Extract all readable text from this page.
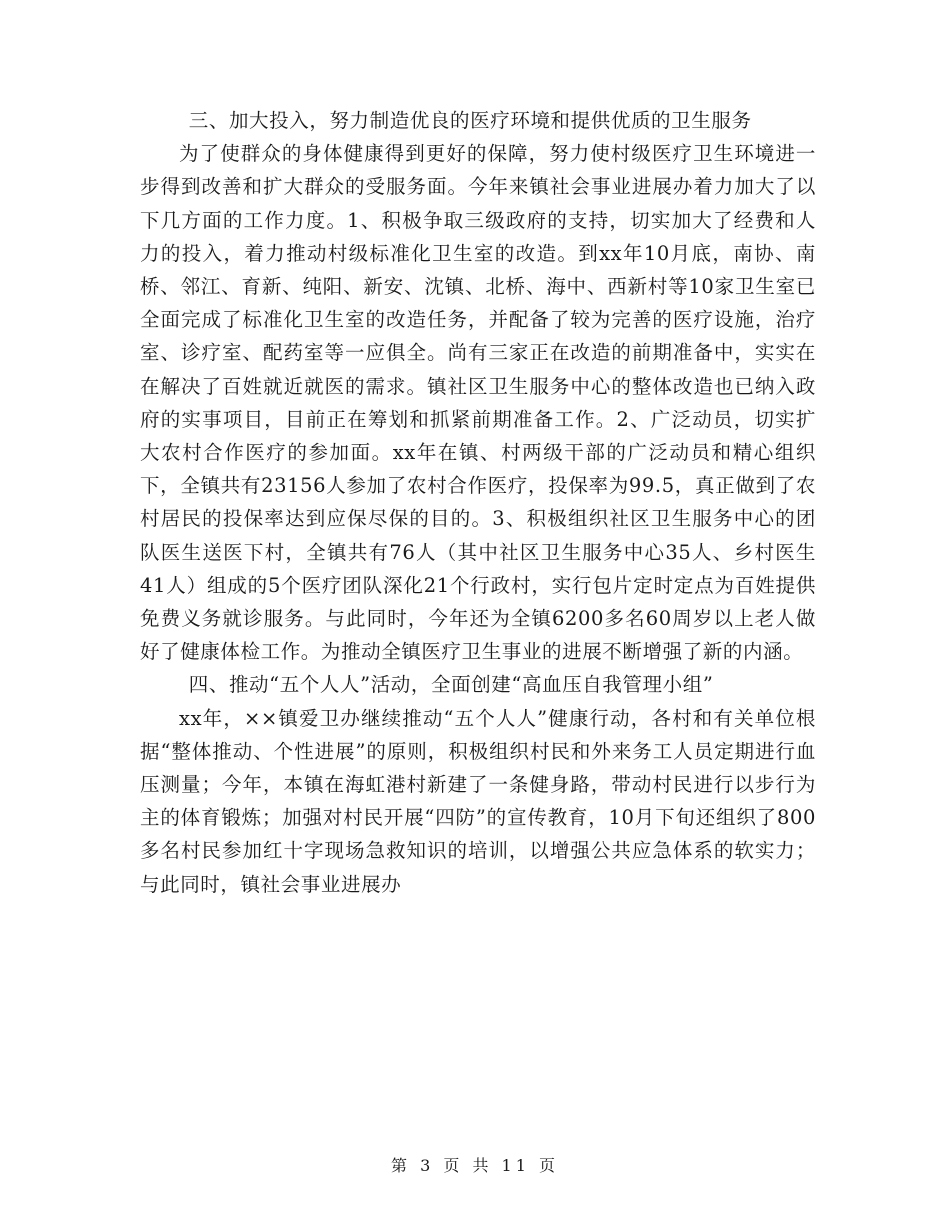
三、加大投入，努力制造优良的医疗环境和提供优质的卫生服务

为了使群众的身体健康得到更好的保障，努力使村级医疗卫生环境进一步得到改善和扩大群众的受服务面。今年来镇社会事业进展办着力加大了以下几方面的工作力度。1、积极争取三级政府的支持，切实加大了经费和人力的投入，着力推动村级标准化卫生室的改造。到xx年10月底，南协、南桥、邻江、育新、纯阳、新安、沈镇、北桥、海中、西新村等10家卫生室已全面完成了标准化卫生室的改造任务，并配备了较为完善的医疗设施，治疗室、诊疗室、配药室等一应俱全。尚有三家正在改造的前期准备中，实实在在解决了百姓就近就医的需求。镇社区卫生服务中心的整体改造也已纳入政府的实事项目，目前正在筹划和抓紧前期准备工作。2、广泛动员，切实扩大农村合作医疗的参加面。xx年在镇、村两级干部的广泛动员和精心组织下，全镇共有23156人参加了农村合作医疗，投保率为99.5，真正做到了农村居民的投保率达到应保尽保的目的。3、积极组织社区卫生服务中心的团队医生送医下村，全镇共有76人（其中社区卫生服务中心35人、乡村医生41人）组成的5个医疗团队深化21个行政村，实行包片定时定点为百姓提供免费义务就诊服务。与此同时，今年还为全镇6200多名60周岁以上老人做好了健康体检工作。为推动全镇医疗卫生事业的进展不断增强了新的内涵。

四、推动“五个人人”活动，全面创建“高血压自我管理小组”

xx年，××镇爱卫办继续推动“五个人人”健康行动，各村和有关单位根据“整体推动、个性进展”的原则，积极组织村民和外来务工人员定期进行血压测量；今年，本镇在海虹港村新建了一条健身路，带动村民进行以步行为主的体育锻炼；加强对村民开展“四防”的宣传教育，10月下旬还组织了800多名村民参加红十字现场急救知识的培训，以增强公共应急体系的软实力；与此同时，镇社会事业进展办

第 3 页 共 11 页
